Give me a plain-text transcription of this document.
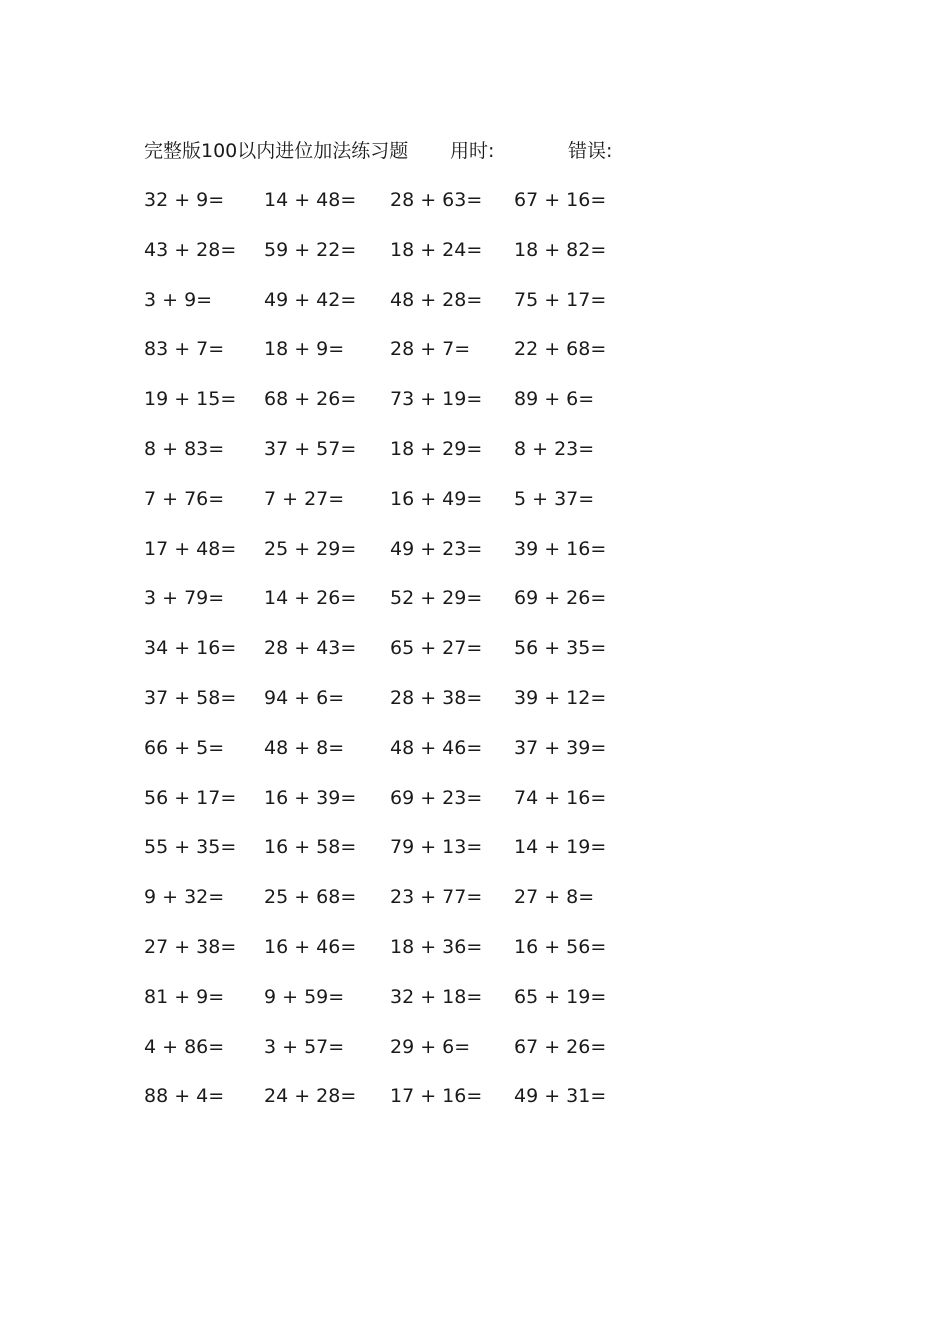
完整版100以内进位加法练习题 用时:	错误:
32 + 9=	14 + 48= 28 + 63= 67 + 16=
43 + 28= 59 + 22= 18 + 24= 18 + 82=
3 + 9=	49 + 42= 48 + 28= 75 + 17=
83 + 7=	18 + 9=	28 + 7=	22 + 68=
19 + 15= 68 + 26= 73 + 19= 89 + 6=
8 + 83=	37 + 57= 18 + 29= 8 + 23=
7 + 76=	7 + 27=	16 + 49= 5 + 37=
17 + 48= 25 + 29= 49 + 23= 39 + 16=
3 + 79=	14 + 26= 52 + 29= 69 + 26=
34 + 16= 28 + 43= 65 + 27= 56 + 35=
37 + 58= 94 + 6=	28 + 38= 39 + 12=
66 + 5=	48 + 8=	48 + 46= 37 + 39=
56 + 17= 16 + 39= 69 + 23= 74 + 16=
55 + 35= 16 + 58= 79 + 13= 14 + 19=
9 + 32=	25 + 68= 23 + 77= 27 + 8=
27 + 38= 16 + 46= 18 + 36= 16 + 56=
81 + 9=	9 + 59=	32 + 18= 65 + 19=
4 + 86=	3 + 57=	29 + 6=	67 + 26=
88 + 4=	24 + 28= 17 + 16= 49 + 31=
